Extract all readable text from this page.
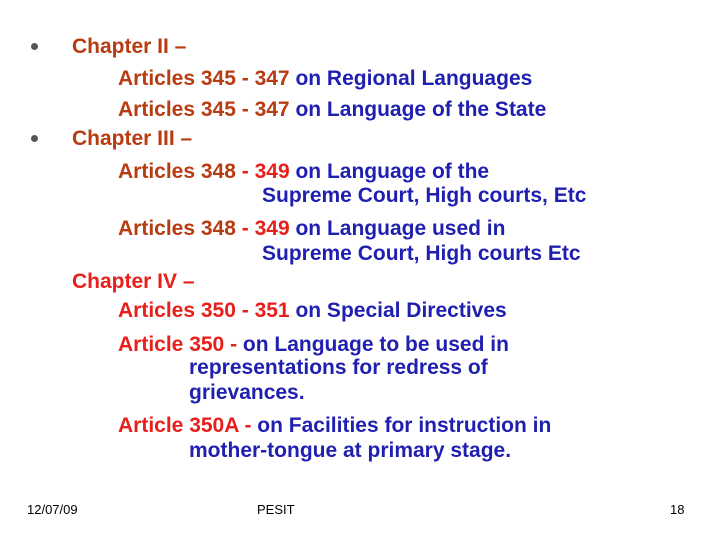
Chapter II –
Articles 345 - 347 on Regional Languages
Articles 345 - 347 on Language of the State
Chapter III –
Articles 348 - 349 on Language of the
Supreme Court, High courts, Etc
Articles 348 - 349 on Language used in
Supreme Court, High courts Etc
Chapter IV –
Articles 350 - 351 on Special Directives
Article 350 - on Language to be used in
representations for redress of
grievances.
Article 350A - on Facilities for instruction in
mother-tongue at primary stage.
12/07/09	PESIT	18
